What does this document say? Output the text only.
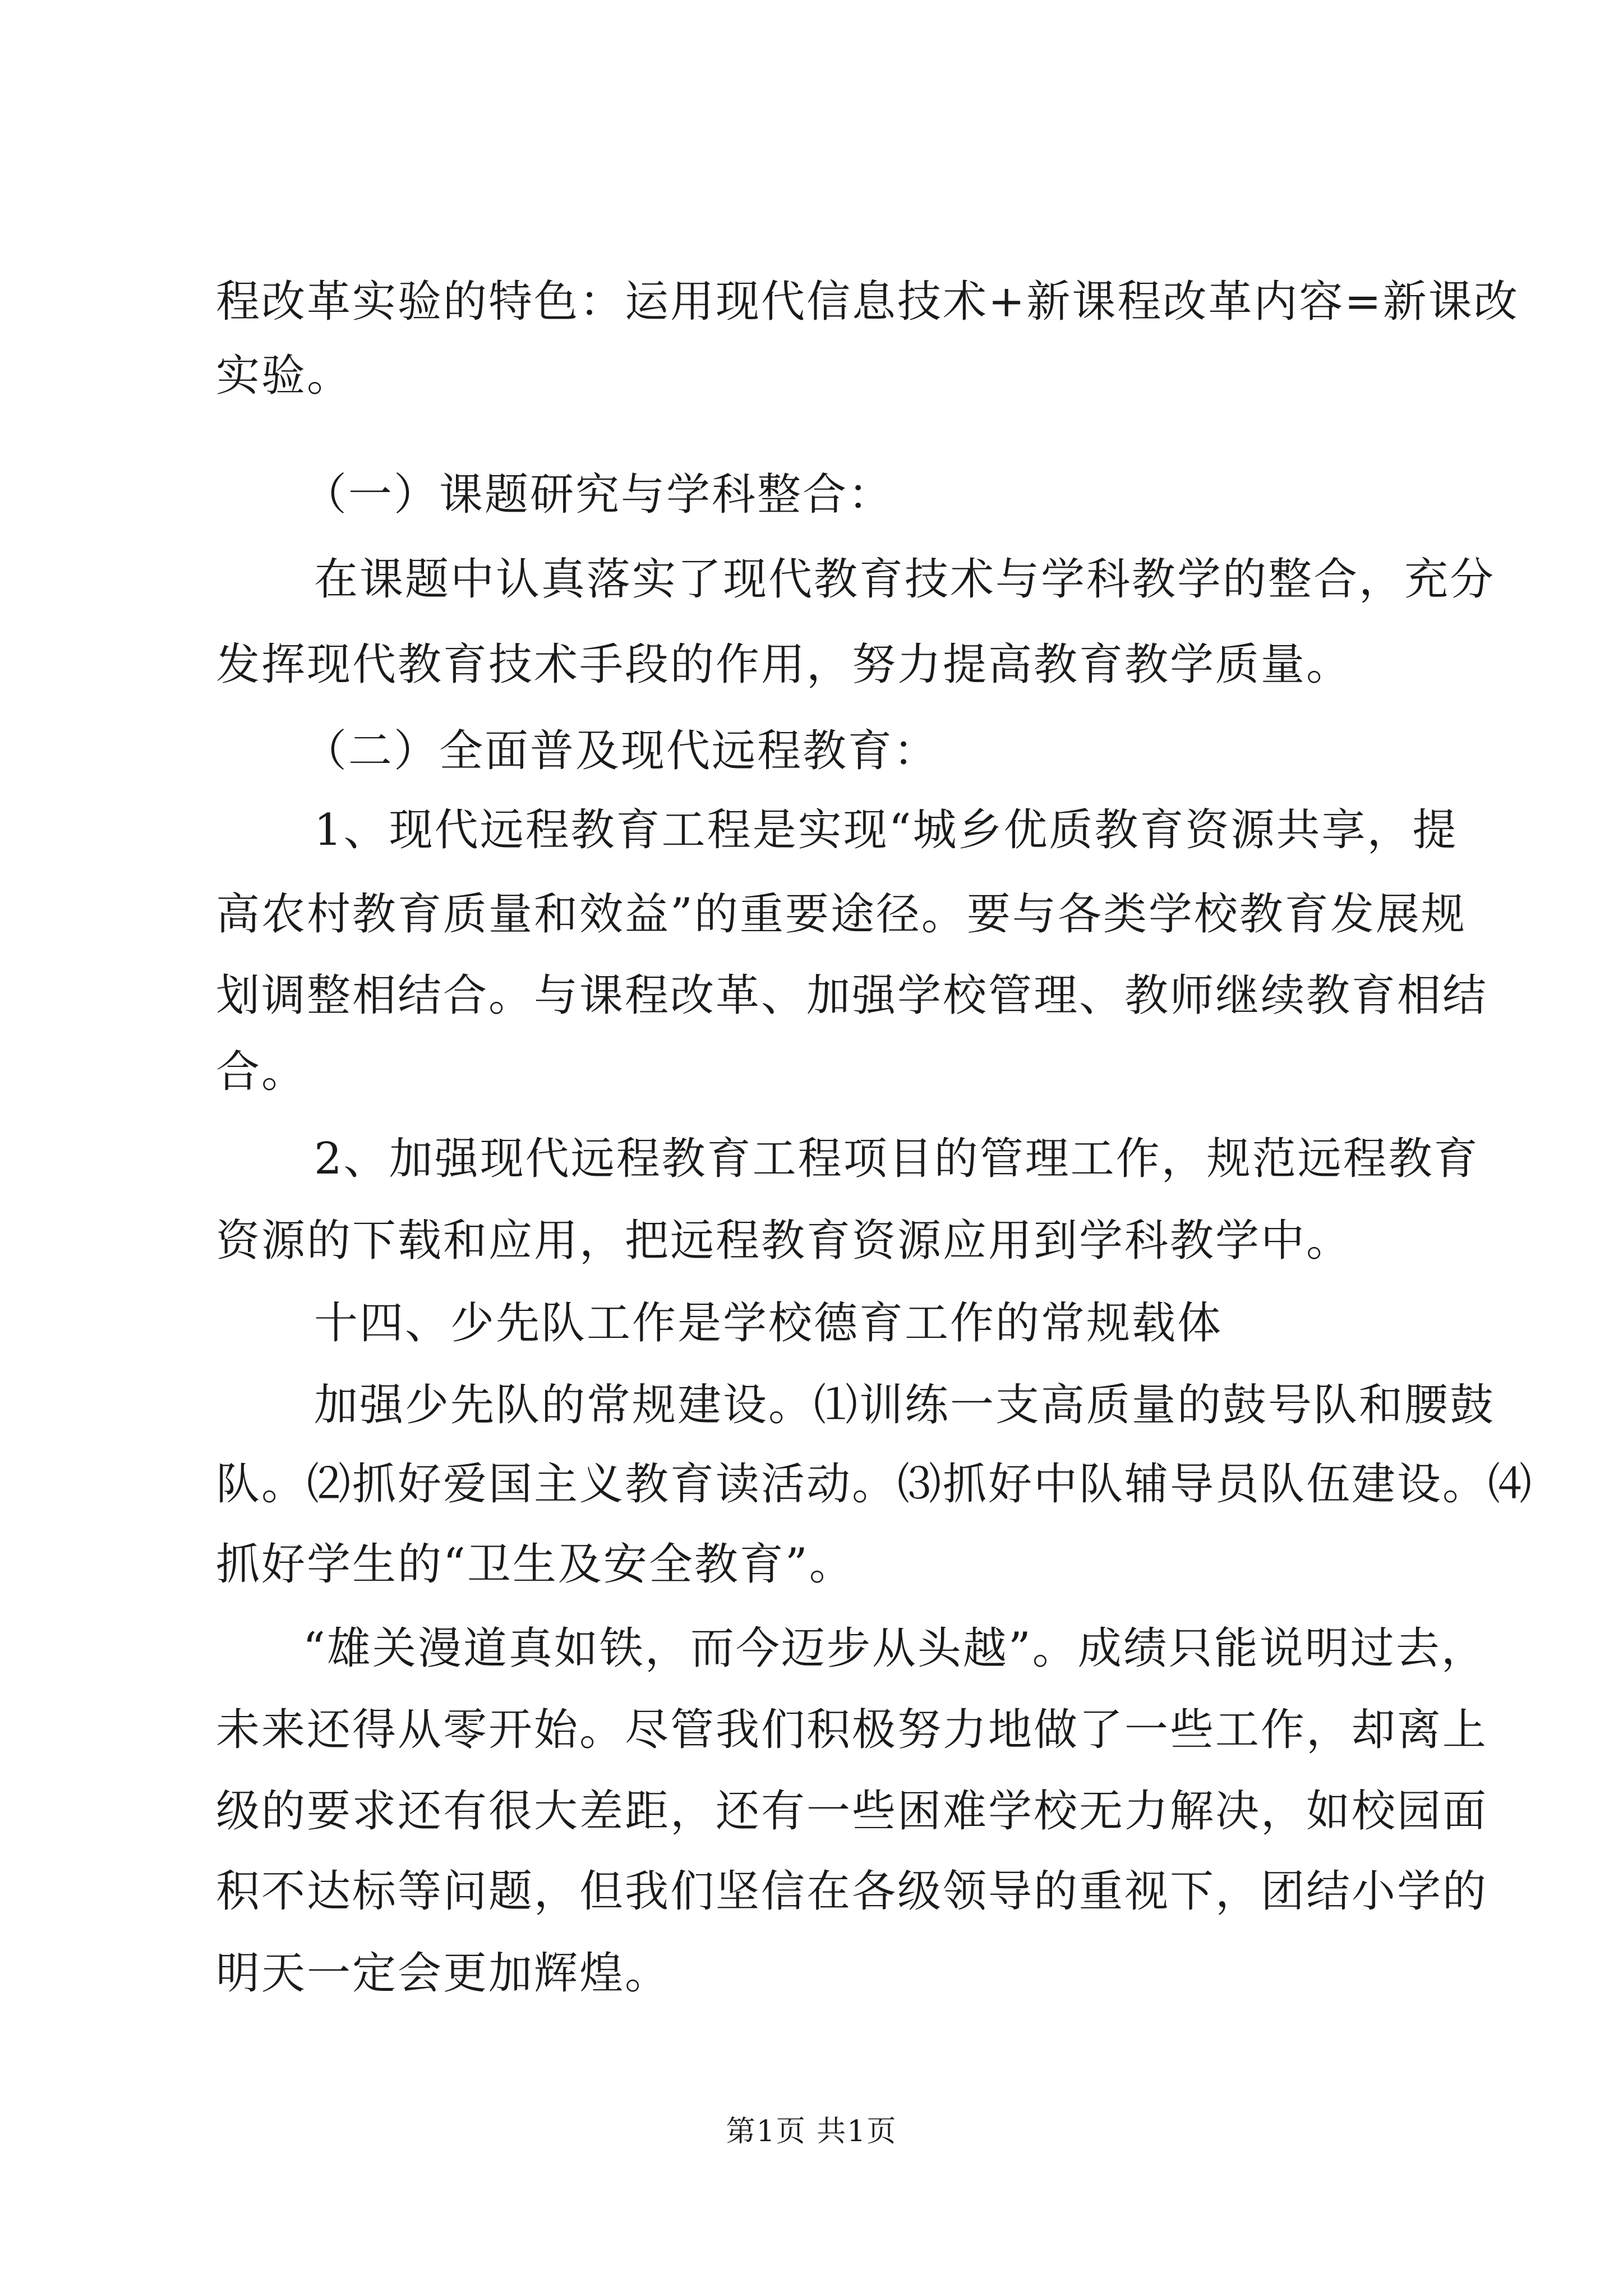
程改革实验的特色：运用现代信息技术+新课程改革内容=新课改
实验。
（一）课题研究与学科整合：
在课题中认真落实了现代教育技术与学科教学的整合，充分
发挥现代教育技术手段的作用，努力提高教育教学质量。
（二）全面普及现代远程教育：
1、现代远程教育工程是实现“城乡优质教育资源共享，提
高农村教育质量和效益”的重要途径。要与各类学校教育发展规
划调整相结合。与课程改革、加强学校管理、教师继续教育相结
合。
2、加强现代远程教育工程项目的管理工作，规范远程教育
资源的下载和应用，把远程教育资源应用到学科教学中。
十四、少先队工作是学校德育工作的常规载体
加强少先队的常规建设。⑴训练一支高质量的鼓号队和腰鼓
队。⑵抓好爱国主义教育读活动。⑶抓好中队辅导员队伍建设。⑷
抓好学生的“卫生及安全教育”。
“雄关漫道真如铁，而今迈步从头越”。成绩只能说明过去，
未来还得从零开始。尽管我们积极努力地做了一些工作，却离上
级的要求还有很大差距，还有一些困难学校无力解决，如校园面
积不达标等问题，但我们坚信在各级领导的重视下，团结小学的
明天一定会更加辉煌。
第1页 共1页
